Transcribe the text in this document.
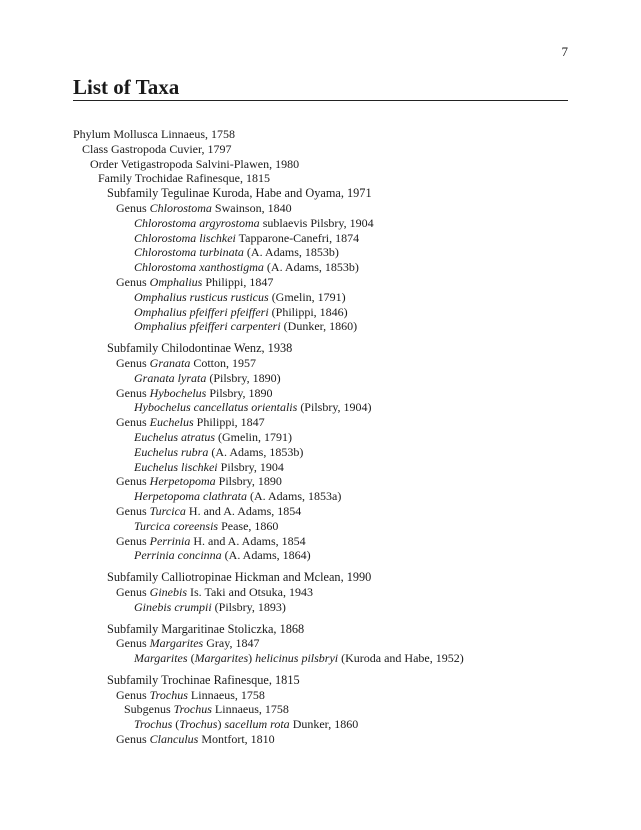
7
List of Taxa
Phylum Mollusca Linnaeus, 1758
Class Gastropoda Cuvier, 1797
Order Vetigastropoda Salvini-Plawen, 1980
Family Trochidae Rafinesque, 1815
Subfamily Tegulinae Kuroda, Habe and Oyama, 1971
Genus Chlorostoma Swainson, 1840
Chlorostoma argyrostoma sublaevis Pilsbry, 1904
Chlorostoma lischkei Tapparone-Canefri, 1874
Chlorostoma turbinata (A. Adams, 1853b)
Chlorostoma xanthostigma (A. Adams, 1853b)
Genus Omphalius Philippi, 1847
Omphalius rusticus rusticus (Gmelin, 1791)
Omphalius pfeifferi pfeifferi (Philippi, 1846)
Omphalius pfeifferi carpenteri (Dunker, 1860)
Subfamily Chilodontinae Wenz, 1938
Genus Granata Cotton, 1957
Granata lyrata (Pilsbry, 1890)
Genus Hybochelus Pilsbry, 1890
Hybochelus cancellatus orientalis (Pilsbry, 1904)
Genus Euchelus Philippi, 1847
Euchelus atratus (Gmelin, 1791)
Euchelus rubra (A. Adams, 1853b)
Euchelus lischkei Pilsbry, 1904
Genus Herpetopoma Pilsbry, 1890
Herpetopoma clathrata (A. Adams, 1853a)
Genus Turcica H. and A. Adams, 1854
Turcica coreensis Pease, 1860
Genus Perrinia H. and A. Adams, 1854
Perrinia concinna (A. Adams, 1864)
Subfamily Calliotropinae Hickman and Mclean, 1990
Genus Ginebis Is. Taki and Otsuka, 1943
Ginebis crumpii (Pilsbry, 1893)
Subfamily Margaritinae Stoliczka, 1868
Genus Margarites Gray, 1847
Margarites (Margarites) helicinus pilsbryi (Kuroda and Habe, 1952)
Subfamily Trochinae Rafinesque, 1815
Genus Trochus Linnaeus, 1758
Subgenus Trochus Linnaeus, 1758
Trochus (Trochus) sacellum rota Dunker, 1860
Genus Clanculus Montfort, 1810
